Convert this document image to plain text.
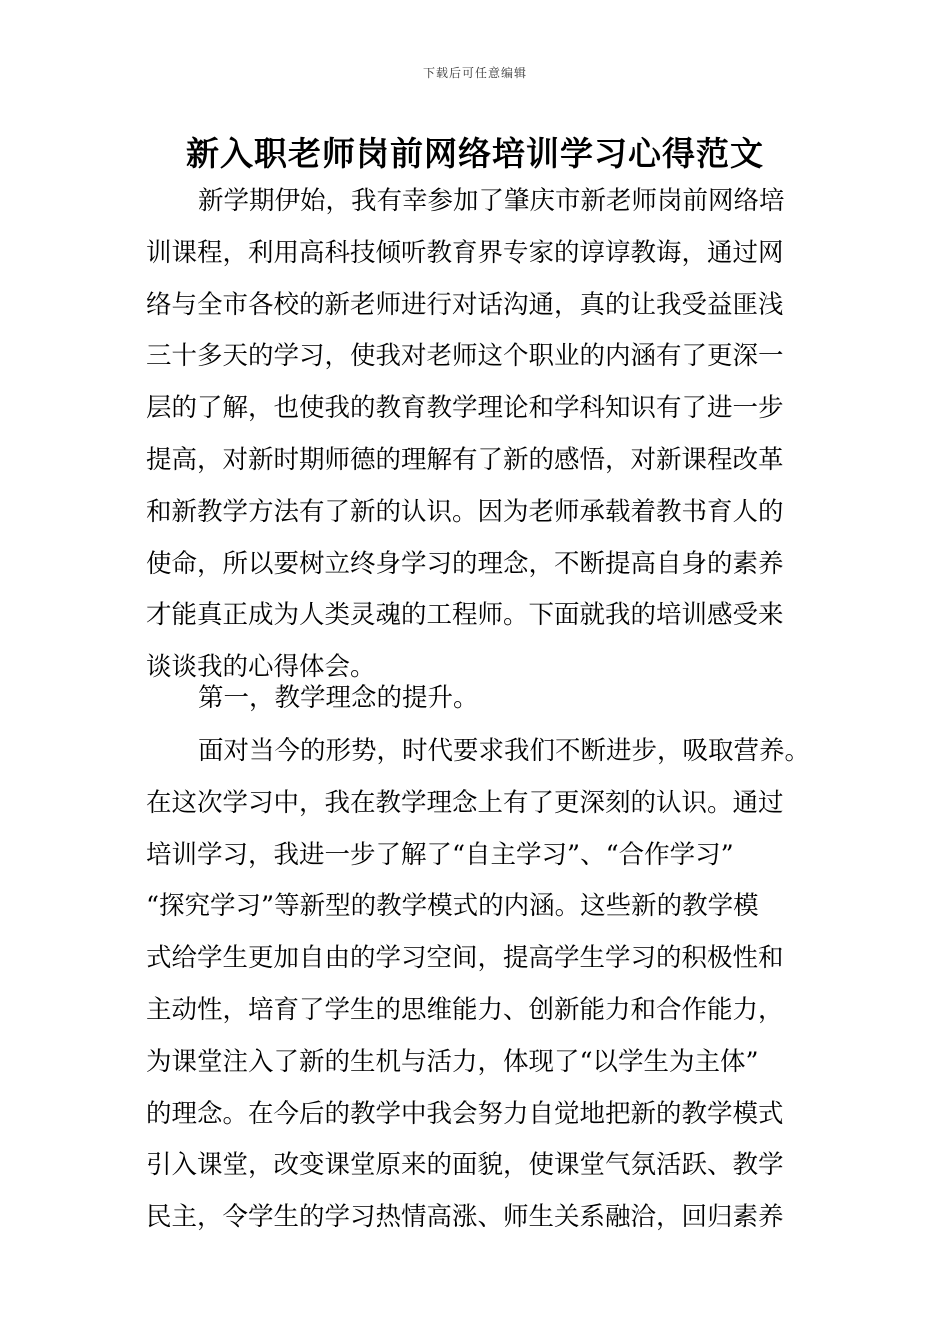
下载后可任意编辑
新入职老师岗前网络培训学习心得范文

新学期伊始，我有幸参加了肇庆市新老师岗前网络培
训课程，利用高科技倾听教育界专家的谆谆教诲，通过网
络与全市各校的新老师进行对话沟通，真的让我受益匪浅
三十多天的学习，使我对老师这个职业的内涵有了更深一
层的了解，也使我的教育教学理论和学科知识有了进一步
提高，对新时期师德的理解有了新的感悟，对新课程改革
和新教学方法有了新的认识。因为老师承载着教书育人的
使命，所以要树立终身学习的理念，不断提高自身的素养
才能真正成为人类灵魂的工程师。下面就我的培训感受来
谈谈我的心得体会。

第一，教学理念的提升。

面对当今的形势，时代要求我们不断进步，吸取营养。
在这次学习中，我在教学理念上有了更深刻的认识。通过
培训学习，我进一步了解了“自主学习”、“合作学习”
“探究学习”等新型的教学模式的内涵。这些新的教学模
式给学生更加自由的学习空间，提高学生学习的积极性和
主动性，培育了学生的思维能力、创新能力和合作能力，
为课堂注入了新的生机与活力，体现了“以学生为主体”
的理念。在今后的教学中我会努力自觉地把新的教学模式
引入课堂，改变课堂原来的面貌，使课堂气氛活跃、教学
民主，令学生的学习热情高涨、师生关系融洽，回归素养
